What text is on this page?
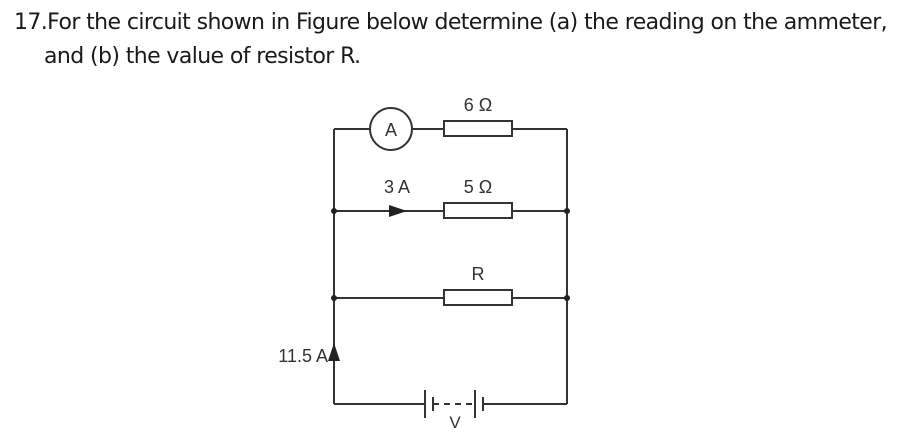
17.For the circuit shown in Figure below determine (a) the reading on the ammeter,
and (b) the value of resistor R.
A
6 Ω
5 Ω
R
3 A
11.5 A
V
